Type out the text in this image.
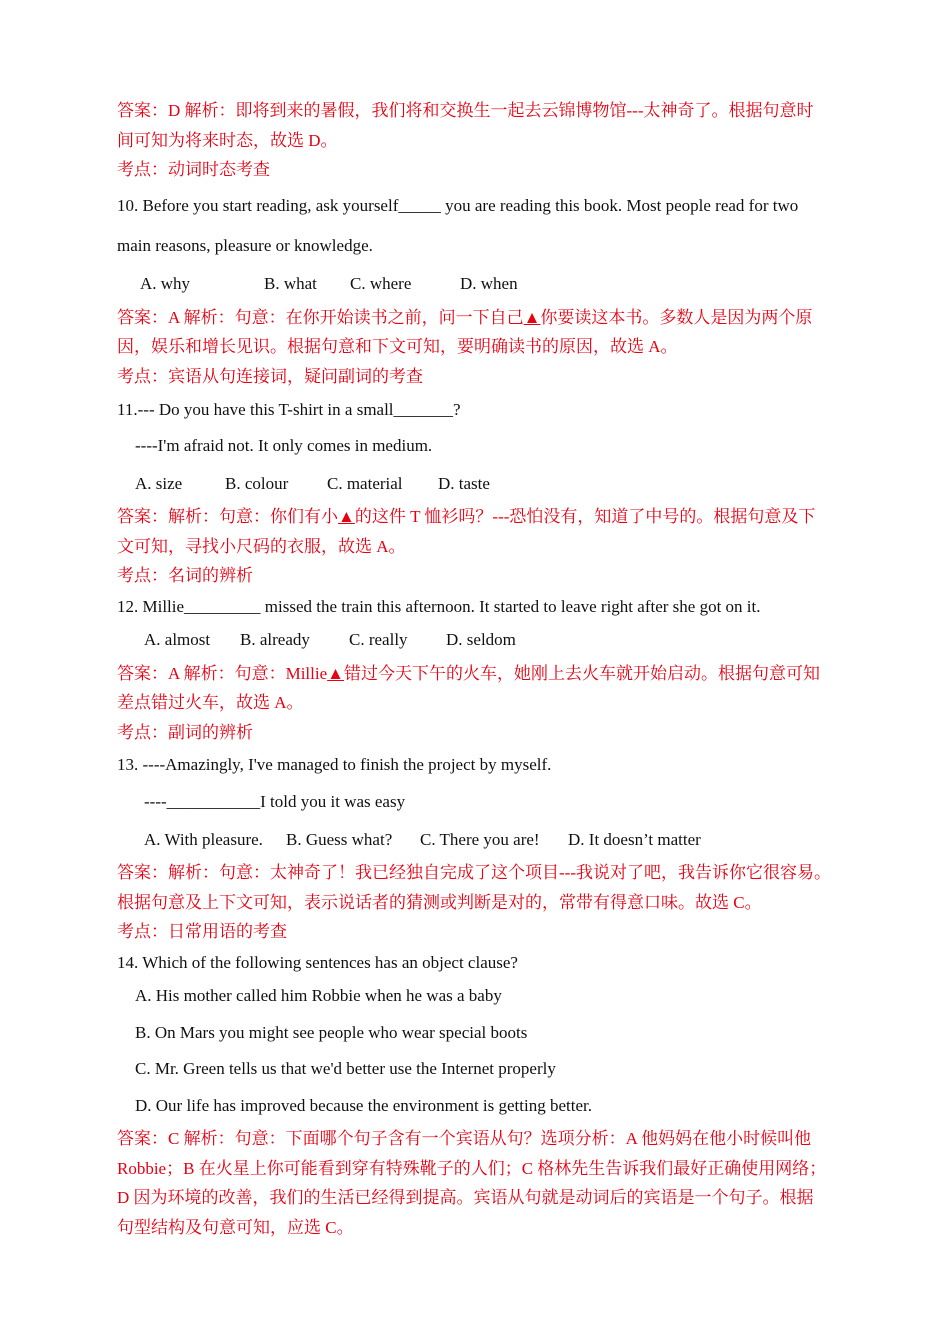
答案：D 解析：即将到来的暑假，我们将和交换生一起去云锦博物馆---太神奇了。根据句意时
间可知为将来时态，故选 D。
考点：动词时态考查
10. Before you start reading, ask yourself_____ you are reading this book. Most people read for two
main reasons, pleasure or knowledge.
A. why	B. what	C. where	D. when
答案：A 解析：句意：在你开始读书之前，问一下自己▲你要读这本书。多数人是因为两个原
因，娱乐和增长见识。根据句意和下文可知，要明确读书的原因，故选 A。
考点：宾语从句连接词，疑问副词的考查
11.--- Do you have this T-shirt in a small_______?
----I'm afraid not. It only comes in medium.
A. size	B. colour	C. material	D. taste
答案：解析：句意：你们有小▲的这件 T 恤衫吗？---恐怕没有，知道了中号的。根据句意及下
文可知，寻找小尺码的衣服，故选 A。
考点：名词的辨析
12. Millie_________ missed the train this afternoon. It started to leave right after she got on it.
A. almost	B. already	C. really	D. seldom
答案：A 解析：句意：Millie▲错过今天下午的火车，她刚上去火车就开始启动。根据句意可知
差点错过火车，故选 A。
考点：副词的辨析
13. ----Amazingly, I've managed to finish the project by myself.
----___________I told you it was easy
A. With pleasure.	B. Guess what?	C. There you are!	D. It doesn’t matter
答案：解析：句意：太神奇了！我已经独自完成了这个项目---我说对了吧，我告诉你它很容易。
根据句意及上下文可知，表示说话者的猜测或判断是对的，常带有得意口味。故选 C。
考点：日常用语的考查
14. Which of the following sentences has an object clause?
A. His mother called him Robbie when he was a baby
B. On Mars you might see people who wear special boots
C. Mr. Green tells us that we'd better use the Internet properly
D. Our life has improved because the environment is getting better.
答案：C 解析：句意：下面哪个句子含有一个宾语从句？选项分析：A 他妈妈在他小时候叫他
Robbie；B 在火星上你可能看到穿有特殊靴子的人们；C 格林先生告诉我们最好正确使用网络；
D 因为环境的改善，我们的生活已经得到提高。宾语从句就是动词后的宾语是一个句子。根据
句型结构及句意可知，应选 C。
